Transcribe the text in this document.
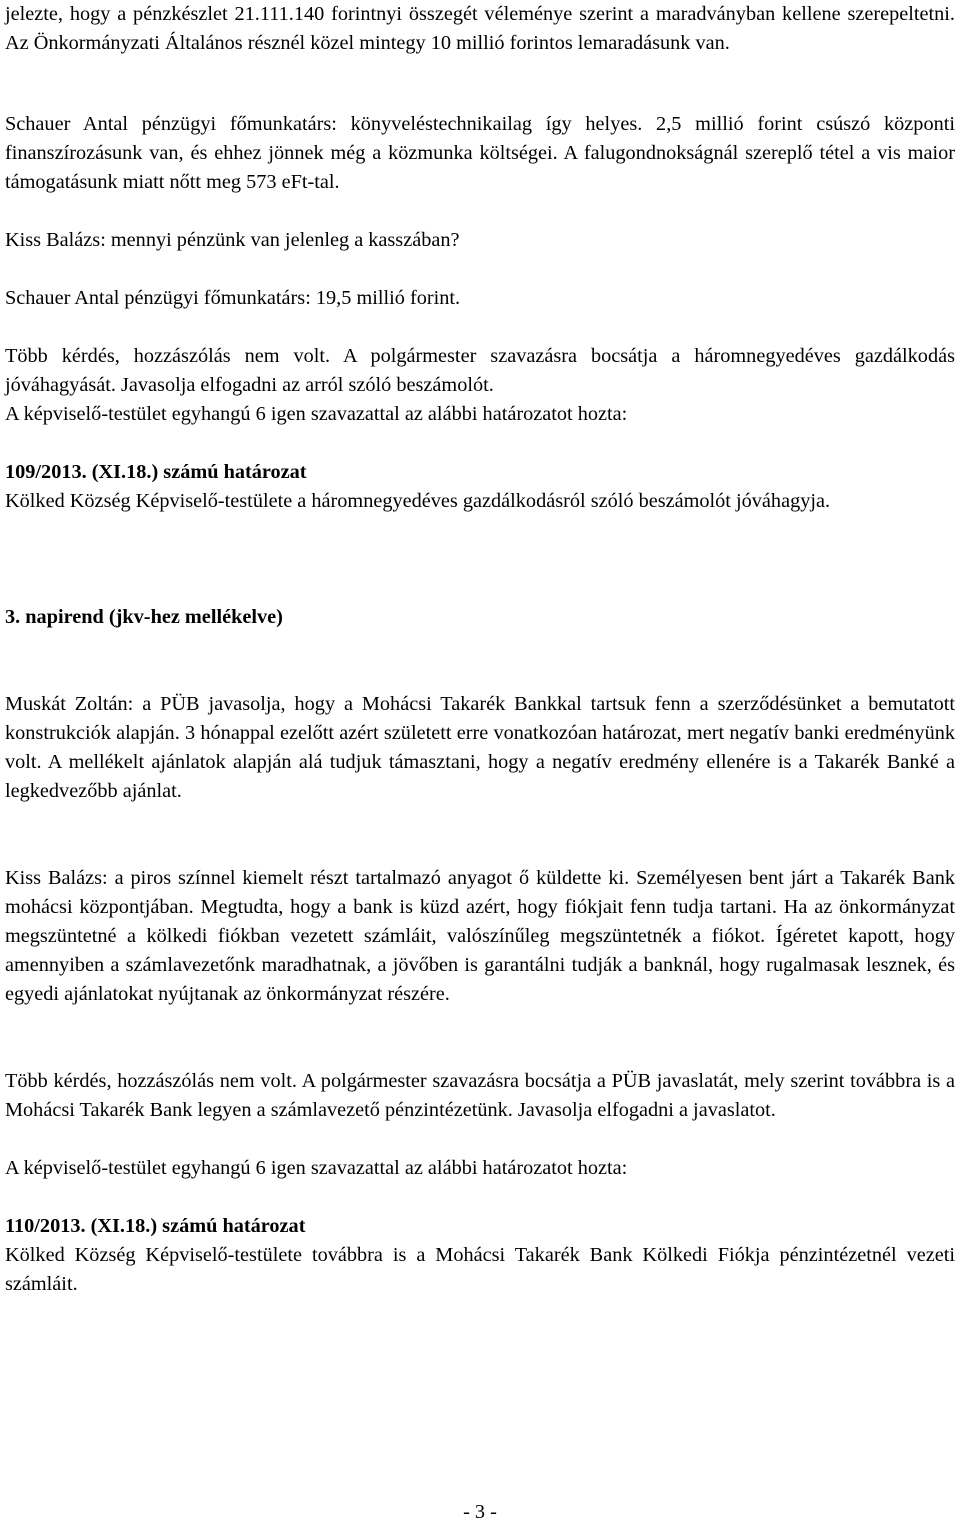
jelezte, hogy a pénzkészlet 21.111.140 forintnyi összegét véleménye szerint a maradványban kellene szerepeltetni. Az Önkormányzati Általános résznél közel mintegy 10 millió forintos lemaradásunk van.

Schauer Antal pénzügyi főmunkatárs: könyveléstechnikailag így helyes. 2,5 millió forint csúszó központi finanszírozásunk van, és ehhez jönnek még a közmunka költségei. A falugondnokságnál szereplő tétel a vis maior támogatásunk miatt nőtt meg 573 eFt-tal.

Kiss Balázs: mennyi pénzünk van jelenleg a kasszában?

Schauer Antal pénzügyi főmunkatárs: 19,5 millió forint.

Több kérdés, hozzászólás nem volt. A polgármester szavazásra bocsátja a háromnegyedéves gazdálkodás jóváhagyását. Javasolja elfogadni az arról szóló beszámolót.

A képviselő-testület egyhangú 6 igen szavazattal az alábbi határozatot hozta:

109/2013. (XI.18.) számú határozat

Kölked Község Képviselő-testülete a háromnegyedéves gazdálkodásról szóló beszámolót jóváhagyja.

3. napirend (jkv-hez mellékelve)

Muskát Zoltán: a PÜB javasolja, hogy a Mohácsi Takarék Bankkal tartsuk fenn a szerződésünket a bemutatott konstrukciók alapján. 3 hónappal ezelőtt azért született erre vonatkozóan határozat, mert negatív banki eredményünk volt. A mellékelt ajánlatok alapján alá tudjuk támasztani, hogy a negatív eredmény ellenére is a Takarék Banké a legkedvezőbb ajánlat.

Kiss Balázs: a piros színnel kiemelt részt tartalmazó anyagot ő küldette ki. Személyesen bent járt a Takarék Bank mohácsi központjában. Megtudta, hogy a bank is küzd azért, hogy fiókjait fenn tudja tartani. Ha az önkormányzat megszüntetné a kölkedi fiókban vezetett számláit, valószínűleg megszüntetnék a fiókot. Ígéretet kapott, hogy amennyiben a számlavezetőnk maradhatnak, a jövőben is garantálni tudják a banknál, hogy rugalmasak lesznek, és egyedi ajánlatokat nyújtanak az önkormányzat részére.

Több kérdés, hozzászólás nem volt. A polgármester szavazásra bocsátja a PÜB javaslatát, mely szerint továbbra is a Mohácsi Takarék Bank legyen a számlavezető pénzintézetünk. Javasolja elfogadni a javaslatot.

A képviselő-testület egyhangú 6 igen szavazattal az alábbi határozatot hozta:

110/2013. (XI.18.) számú határozat

Kölked Község Képviselő-testülete továbbra is a Mohácsi Takarék Bank Kölkedi Fiókja pénzintézetnél vezeti számláit.

- 3 -
